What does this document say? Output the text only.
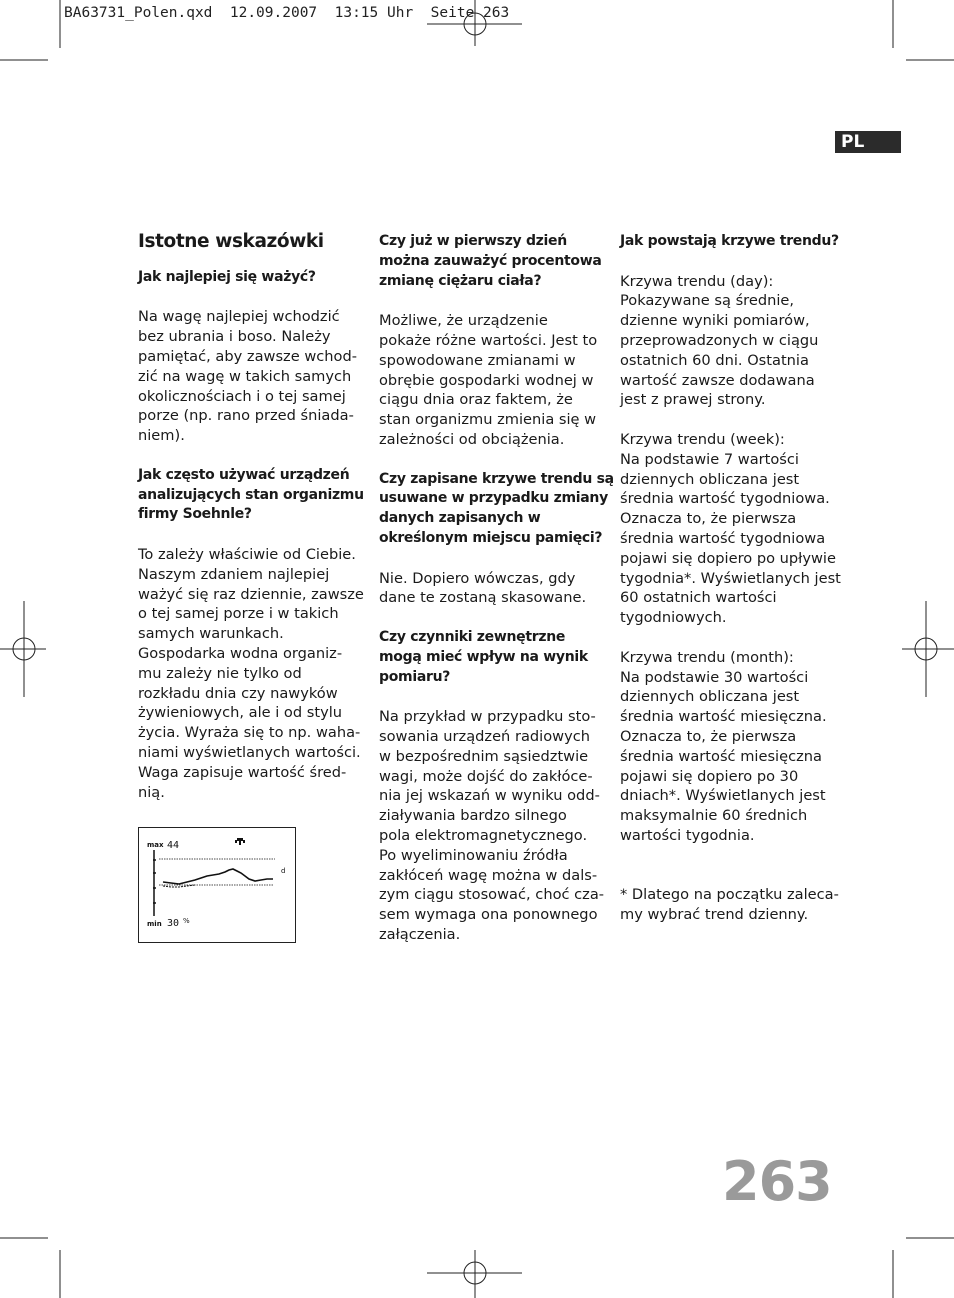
BA63731_Polen.qxd  12.09.2007  13:15 Uhr  Seite 263
PL
Istotne wskazówki
Jak najlepiej się ważyć?
Na wagę najlepiej wchodzić
bez ubrania i boso. Należy
pamiętać, aby zawsze wchod-
zić na wagę w takich samych
okolicznościach i o tej samej
porze (np. rano przed śniada-
niem).
Jak często używać urządzeń
analizujących stan organizmu
firmy Soehnle?
To zależy właściwie od Ciebie.
Naszym zdaniem najlepiej
ważyć się raz dziennie, zawsze
o tej samej porze i w takich
samych warunkach.
Gospodarka wodna organiz-
mu zależy nie tylko od
rozkładu dnia czy nawyków
żywieniowych, ale i od stylu
życia. Wyraża się to np. waha-
niami wyświetlanych wartości.
Waga zapisuje wartość śred-
nią.
max 44
min 30 %
d
Czy już w pierwszy dzień
można zauważyć procentowa
zmianę ciężaru ciała?
Możliwe, że urządzenie
pokaże różne wartości. Jest to
spowodowane zmianami w
obrębie gospodarki wodnej w
ciągu dnia oraz faktem, że
stan organizmu zmienia się w
zależności od obciążenia.
Czy zapisane krzywe trendu są
usuwane w przypadku zmiany
danych zapisanych w
określonym miejscu pamięci?
Nie. Dopiero wówczas, gdy
dane te zostaną skasowane.
Czy czynniki zewnętrzne
mogą mieć wpływ na wynik
pomiaru?
Na przykład w przypadku sto-
sowania urządzeń radiowych
w bezpośrednim sąsiedztwie
wagi, może dojść do zakłóce-
nia jej wskazań w wyniku odd-
ziaływania bardzo silnego
pola elektromagnetycznego.
Po wyeliminowaniu źródła
zakłóceń wagę można w dals-
zym ciągu stosować, choć cza-
sem wymaga ona ponownego
załączenia.
Jak powstają krzywe trendu?
Krzywa trendu (day):
Pokazywane są średnie,
dzienne wyniki pomiarów,
przeprowadzonych w ciągu
ostatnich 60 dni. Ostatnia
wartość zawsze dodawana
jest z prawej strony.
Krzywa trendu (week):
Na podstawie 7 wartości
dziennych obliczana jest
średnia wartość tygodniowa.
Oznacza to, że pierwsza
średnia wartość tygodniowa
pojawi się dopiero po upływie
tygodnia*. Wyświetlanych jest
60 ostatnich wartości
tygodniowych.
Krzywa trendu (month):
Na podstawie 30 wartości
dziennych obliczana jest
średnia wartość miesięczna.
Oznacza to, że pierwsza
średnia wartość miesięczna
pojawi się dopiero po 30
dniach*. Wyświetlanych jest
maksymalnie 60 średnich
wartości tygodnia.
* Dlatego na początku zaleca-
my wybrać trend dzienny.
263
